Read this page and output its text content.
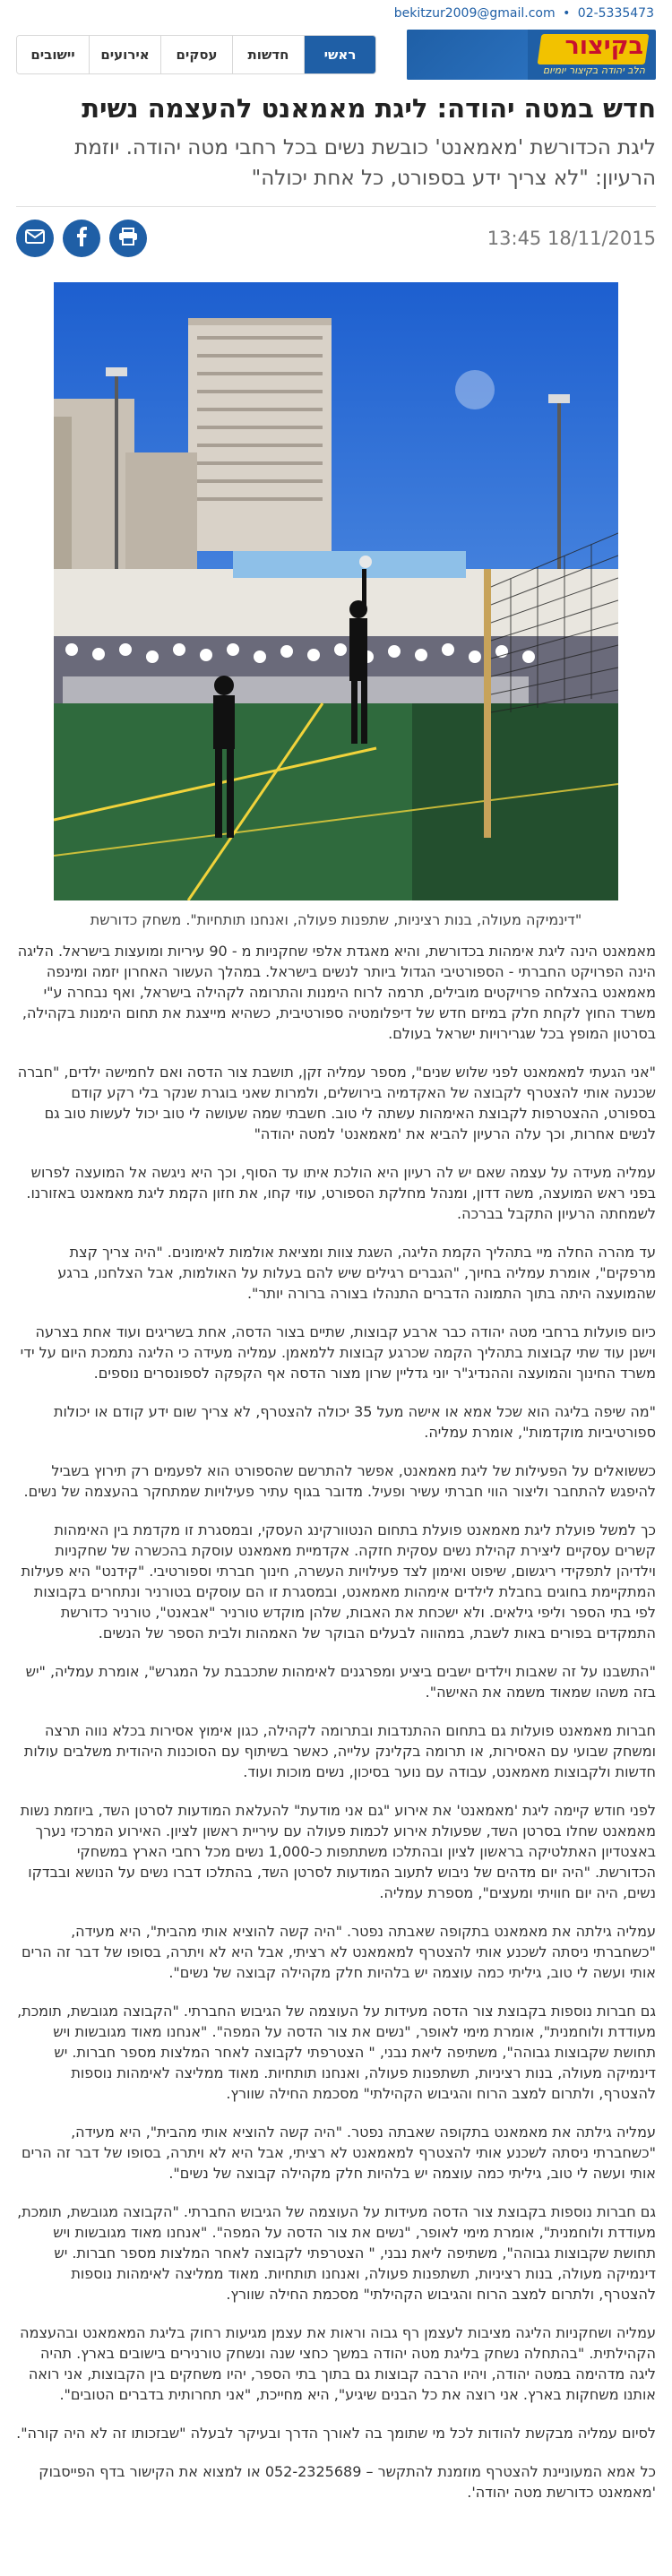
bekitzur2009@gmail.com • 02-5335473
יישובים	אירועים	עסקים	חדשות	ראשי	בקיצור
הלב יהודה בקיצור יומיום
חדש במטה יהודה: ליגת מאמאנט להעצמה נשית
ליגת הכדורשת 'מאמאנט' כובשת נשים בכל רחבי מטה יהודה. יוזמת הרעיון: "לא צריך ידע בספורט, כל אחת יכולה"
13:45 18/11/2015
"דינמיקה מעולה, בנות רציניות, שתפנות פעולה, ואנחנו תותחיות". משחק כדורשת

מאמאנט הינה ליגת אימהות בכדורשת, והיא מאגדת אלפי שחקניות מ - 90 עיריות ומועצות בישראל. הליגה הינה הפרויקט החברתי - הספורטיבי הגדול ביותר לנשים בישראל. במהלך העשור האחרון יזמה ומינפה מאמאנט בהצלחה פרויקטים מובילים, תרמה לרוח הימנות והתרומה לקהילה בישראל, ואף נבחרה ע"י משרד החוץ לקחת חלק במיזם חדש של דיפלומטיה ספורטיבית, כשהיא מייצגת את תחום הימנות בקהילה, בסרטון המופץ בכל שגרירויות ישראל בעולם.

"אני הגעתי למאמאנט לפני שלוש שנים", מספר עמליה זקן, תושבת צור הדסה ואם לחמישה ילדים, "חברה שכנעה אותי להצטרף לקבוצה של האקדמיה בירושלים, ולמרות שאני בוגרת שנקר בלי רקע קודם בספורט, ההצטרפות לקבוצת האימהות עשתה לי טוב. חשבתי שמה שעושה לי טוב יכול לעשות טוב גם לנשים אחרות, וכך עלה הרעיון להביא את 'מאמאנט' למטה יהודה"

עמליה מעידה על עצמה שאם יש לה רעיון היא הולכת איתו עד הסוף, וכך היא ניגשה אל המועצה לפרוש בפני ראש המועצה, משה דדון, ומנהל מחלקת הספורט, עוזי קחו, את חזון הקמת ליגת מאמאנט באזורנו. לשמחתה הרעיון התקבל בברכה.

עד מהרה החלה מיי בתהליך הקמת הליגה, השגת צוות ומציאת אולמות לאימונים. "היה צריך קצת מרפקים", אומרת עמליה בחיוך, "הגברים רגילים שיש להם בעלות על האולמות, אבל הצלחנו, ברגע שהמועצה היתה בתוך התמונה הדברים התנהלו בצורה ברורה יותר".

כיום פועלות ברחבי מטה יהודה כבר ארבע קבוצות, שתיים בצור הדסה, אחת בשריגים ועוד אחת בצרעה וישנן עוד שתי קבוצות בתהליך הקמה שכרגע קבוצות ללמאמן. עמליה מעידה כי הליגה נתמכת היום על ידי משרד החינוך והמועצה וההנדיג"ר יוני גדליין שרון מצור הדסה אף הקפקה לספונסרים נוספים.

"מה שיפה בליגה הוא שכל אמא או אישה מעל 35 יכולה להצטרף, לא צריך שום ידע קודם או יכולות ספורטיביות מוקדמות", אומרת עמליה.

כששואלים על הפעילות של ליגת מאמאנט, אפשר להתרשם שהספורט הוא לפעמים רק תירוץ בשביל להיפגש להתחבר וליצור הווי חברתי עשיר ופעיל. מדובר בגוף עתיר פעילויות שמתחקר בהעצמה של נשים.

כך למשל פועלת ליגת מאמאנט פועלת בתחום הנטוורקינג העסקי, ובמסגרת זו מקדמת בין האימהות קשרים עסקיים ליצירת קהילת נשים עסקית חזקה. אקדמיית מאמאנט עוסקת בהכשרה של שחקניות וילדיהן לתפקידי ריגשום, שיפוט ואימון לצד פעילויות העשרה, חינוך חברתי וספורטיבי. "קידנט" היא פעילות המתקיימת בחוגים בחבלת לילדים אימהות מאמאנט, ובמסגרת זו הם עוסקים בטורניר ונתחרים בקבוצות לפי בתי הספר וליפי גילאים. ולא ישכחת את האבות, שלהן מוקדש טורניר "אבאנט", טורניר כדורשת התמקדים בפורים באות לשבת, במהווה לבעלים הבוקר של האמהות ולבית הספר של הנשים.

"התשבנו על זה שאבות וילדים ישבים ביציע ומפרגנים לאימהות שתכבבת על המגרש", אומרת עמליה, "יש בזה משהו שמאוד משמה את האישה".

חברות מאמאנט פועלות גם בתחום ההתנדבות ובתרומה לקהילה, כגון אימוץ אסירות בכלא נווה תרצה ומשחק שבועי עם האסירות, או תרומה בקלינק עלייה, כאשר בשיתוף עם הסוכנות היהודית משלבים עולות חדשות ולקבוצות מאמאנט, עבודה עם נוער בסיכון, נשים מוכות ועוד.

לפני חודש קיימה ליגת 'מאמאנט' את אירוע "גם אני מודעת" להעלאת המודעות לסרטן השד, ביוזמת נשות מאמאנט שחלו בסרטן השד, שפעולת אירוע לכמות פעולה עם עיריית ראשון לציון. האירוע המרכזי נערך באצטדיון האתלטיקה בראשון לציון ובהתלכו משתתפות כ-1,000 נשים מכל רחבי הארץ במשחקי הכדורשת. "היה יום מדהים של ניבוש לתעוב המודעות לסרטן השד, בהתלכו דברו נשים על הנושא ובבדקו נשים, היה יום חוויתי ומעצים", מספרת עמליה.

עמליה גילתה את מאמאנט בתקופה שאבתה נפטר. "היה קשה להוציא אותי מהבית", היא מעידה, "כשחברתי ניסתה לשכנע אותי להצטרף למאמאנט לא רציתי, אבל היא לא ויתרה, בסופו של דבר זה הרים אותי ועשה לי טוב, גיליתי כמה עוצמה יש בלהיות חלק מקהילה קבוצה של נשים".

גם חברות נוספות בקבוצת צור הדסה מעידות על העוצמה של הגיבוש החברתי. "הקבוצה מגובשת, תומכת, מעודדת ולוחמנית", אומרת מימי לאופר, "נשים את צור הדסה על המפה". "אנחנו מאוד מגובשות ויש תחושת שקבוצות גבוהה", משתיפה ליאת נבני, " הצטרפתי לקבוצה לאחר המלצות מספר חברות. יש דינמיקה מעולה, בנות רציניות, תשתפנות פעולה, ואנחנו תותחיות. מאוד ממליצה לאימהות נוספות להצטרף, ולתרום למצב הרוח והגיבוש הקהילתי" מסכמת החילה שוורץ.

עמליה גילתה את מאמאנט בתקופה שאבתה נפטר. "היה קשה להוציא אותי מהבית", היא מעידה, "כשחברתי ניסתה לשכנע אותי להצטרף למאמאנט לא רציתי, אבל היא לא ויתרה, בסופו של דבר זה הרים אותי ועשה לי טוב, גיליתי כמה עוצמה יש בלהיות חלק מקהילה קבוצה של נשים".

גם חברות נוספות בקבוצת צור הדסה מעידות על העוצמה של הגיבוש החברתי. "הקבוצה מגובשת, תומכת, מעודדת ולוחמנית", אומרת מימי לאופר, "נשים את צור הדסה על המפה". "אנחנו מאוד מגובשות ויש תחושת שקבוצות גבוהה", משתיפה ליאת נבני, " הצטרפתי לקבוצה לאחר המלצות מספר חברות. יש דינמיקה מעולה, בנות רציניות, תשתפנות פעולה, ואנחנו תותחיות. מאוד ממליצה לאימהות נוספות להצטרף, ולתרום למצב הרוח והגיבוש הקהילתי" מסכמת החילה שוורץ.

עמליה ושחקניות הליגה מציבות לעצמן רף גבוה וראות את עצמן מגיעות רחוק בליגת המאמאנט ובהעצמה הקהילתית. "בהתחלה נשחק בליגת מטה יהודה במשך כחצי שנה ונשחק טורנירים בישובים בארץ. תהיה ליגה מדהימה במטה יהודה, ויהיו הרבה קבוצות גם בתוך בתי הספר, יהיו משחקים בין הקבוצות, אני רואה אותנו משחקות בארץ. אני רוצה את כל הבנים שיגיע", היא מחייכת, "אני תחרותית בדברים הטובים".

לסיום עמליה מבקשת להודות לכל מי שתומך בה לאורך הדרך ובעיקר לבעלה "שבזכותו זה לא היה קורה".

כל אמא המעוניינת להצטרף מוזמנת להתקשר – 052-2325689 או למצוא את הקישור בדף הפייסבוק 'מאמאנט כדורשת מטה יהודה'.
